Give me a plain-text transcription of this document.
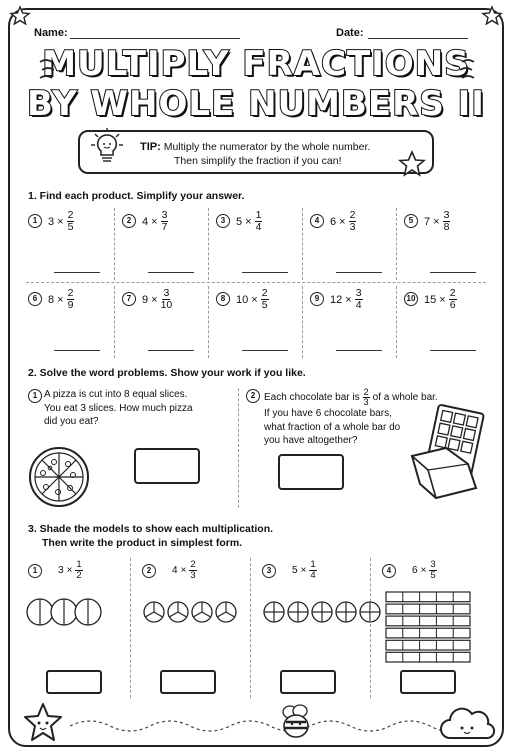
Name:	Date:
MULTIPLY FRACTIONS
BY WHOLE NUMBERS II
TIP: Multiply the numerator by the whole number.
Then simplify the fraction if you can!
1. Find each product. Simplify your answer.
1 $3 \times \frac{2}{5}$	2 $4 \times \frac{3}{7}$	3 $5 \times \frac{1}{4}$	4 $6 \times \frac{2}{3}$	5 $7 \times \frac{3}{8}$
6 $8 \times \frac{2}{9}$	7 $9 \times \frac{3}{10}$	8 $10 \times \frac{2}{5}$	9 $12 \times \frac{3}{4}$	10 $15 \times \frac{2}{6}$
2. Solve the word problems. Show your work if you like.
1 A pizza is cut into 8 equal slices.
You eat 3 slices. How much pizza
did you eat?
2 Each chocolate bar is $\frac{2}{3}$ of a whole bar.

If you have 6 chocolate bars,
what fraction of a whole bar do
you have altogether?
3. Shade the models to show each multiplication.
Then write the product in simplest form.
1	$3 \times \frac{1}{2}$	2	$4 \times \frac{2}{3}$	3	$5 \times \frac{1}{4}$	4	$6 \times \frac{3}{5}$
